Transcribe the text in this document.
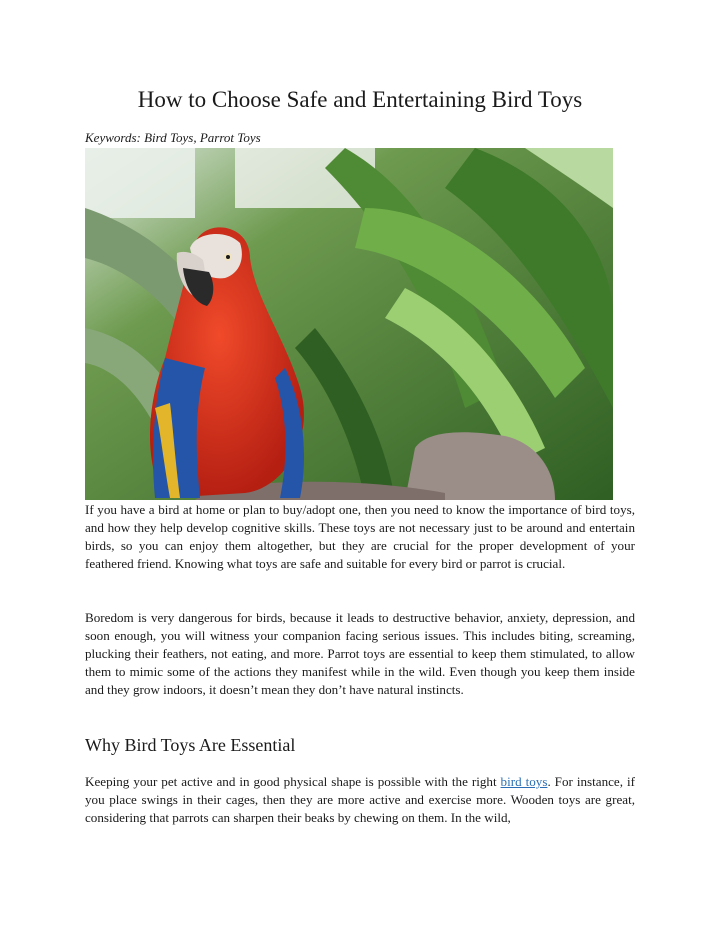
How to Choose Safe and Entertaining Bird Toys
Keywords: Bird Toys, Parrot Toys

If you have a bird at home or plan to buy/adopt one, then you need to know the importance of bird toys, and how they help develop cognitive skills. These toys are not necessary just to be around and entertain birds, so you can enjoy them altogether, but they are crucial for the proper development of your feathered friend. Knowing what toys are safe and suitable for every bird or parrot is crucial.

Boredom is very dangerous for birds, because it leads to destructive behavior, anxiety, depression, and soon enough, you will witness your companion facing serious issues. This includes biting, screaming, plucking their feathers, not eating, and more. Parrot toys are essential to keep them stimulated, to allow them to mimic some of the actions they manifest while in the wild. Even though you keep them inside and they grow indoors, it doesn’t mean they don’t have natural instincts.

Why Bird Toys Are Essential

Keeping your pet active and in good physical shape is possible with the right bird toys. For instance, if you place swings in their cages, then they are more active and exercise more. Wooden toys are great, considering that parrots can sharpen their beaks by chewing on them. In the wild,
